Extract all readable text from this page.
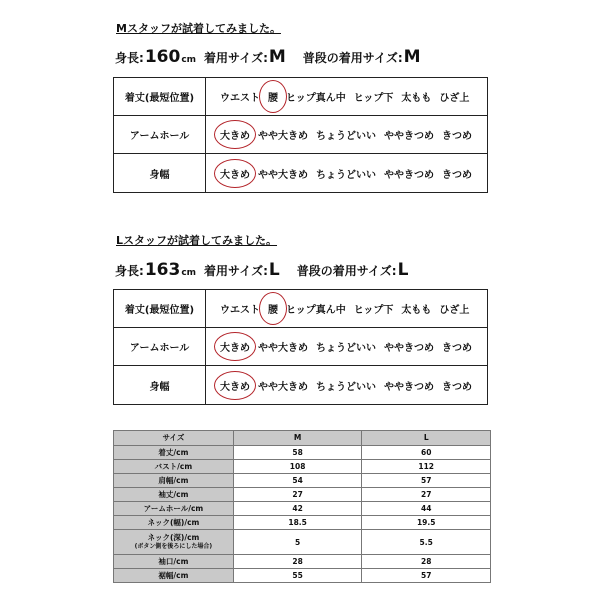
Mスタッフが試着してみました。
身長: 160 cm 着用サイズ: M 普段の着用サイズ: M
着丈(最短位置)	ウエスト 腰 ヒップ真ん中 ヒップ下 太もも ひざ上
アームホール	大きめ やや大きめ ちょうどいい ややきつめ きつめ
身幅	大きめ やや大きめ ちょうどいい ややきつめ きつめ
Lスタッフが試着してみました。
身長: 163 cm 着用サイズ: L 普段の着用サイズ: L
着丈(最短位置)	ウエスト 腰 ヒップ真ん中 ヒップ下 太もも ひざ上
アームホール	大きめ やや大きめ ちょうどいい ややきつめ きつめ
身幅	大きめ やや大きめ ちょうどいい ややきつめ きつめ
サイズ	M	L
着丈/cm	58	60
バスト/cm	108	112
肩幅/cm	54	57
袖丈/cm	27	27
アームホール/cm	42	44
ネック(幅)/cm	18.5	19.5

ネック(深)/cm
(ボタン側を後ろにした場合)	5	5.5
袖口/cm	28	28
裾幅/cm	55	57
